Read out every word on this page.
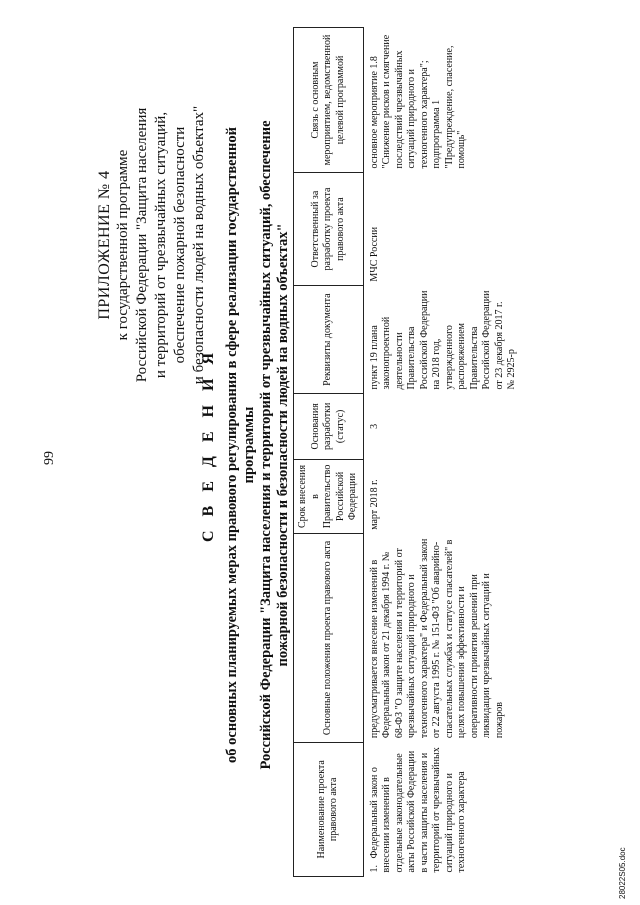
99
ПРИЛОЖЕНИЕ № 4 к государственной программе Российской Федерации "Защита населения и территорий от чрезвычайных ситуаций, обеспечение пожарной безопасности и безопасности людей на водных объектах"
С В Е Д Е Н И Я об основных планируемых мерах правового регулирования в сфере реализации государственной программы Российской Федерации "Защита населения и территорий от чрезвычайных ситуаций, обеспечение пожарной безопасности и безопасности людей на водных объектах"
Наименование проекта правового акта	Основные положения проекта правового акта	Срок внесения в Правительство Российской Федерации	Основания разработки (статус)	Реквизиты документа	Ответственный за разработку проекта правового акта	Связь с основным мероприятием, ведомственной целевой программой
1.Федеральный закон о внесении изменений в отдельные законодательные акты Российской Федерации в части защиты населения и территорий от чрезвычайных ситуаций природного и техногенного характера	предусматривается внесение изменений в Федеральный закон от 21 декабря 1994 г. № 68-ФЗ "О защите населения и территорий от чрезвычайных ситуаций природного и техногенного характера" и Федеральный закон от 22 августа 1995 г. № 151-ФЗ "Об аварийно-спасательных службах и статусе спасателей" в целях повышения эффективности и оперативности принятия решений при ликвидации чрезвычайных ситуаций и пожаров	март 2018 г.	3	пункт 19 плана законопроектной деятельности Правительства Российской Федерации на 2018 год, утвержденного распоряжением Правительства Российской Федерации от 23 декабря 2017 г. № 2925-р	МЧС России	основное мероприятие 1.8 "Снижение рисков и смягчение последствий чрезвычайных ситуаций природного и техногенного характера";
подпрограмма 1 "Предупреждение, спасение, помощь"
28022S05.doc
